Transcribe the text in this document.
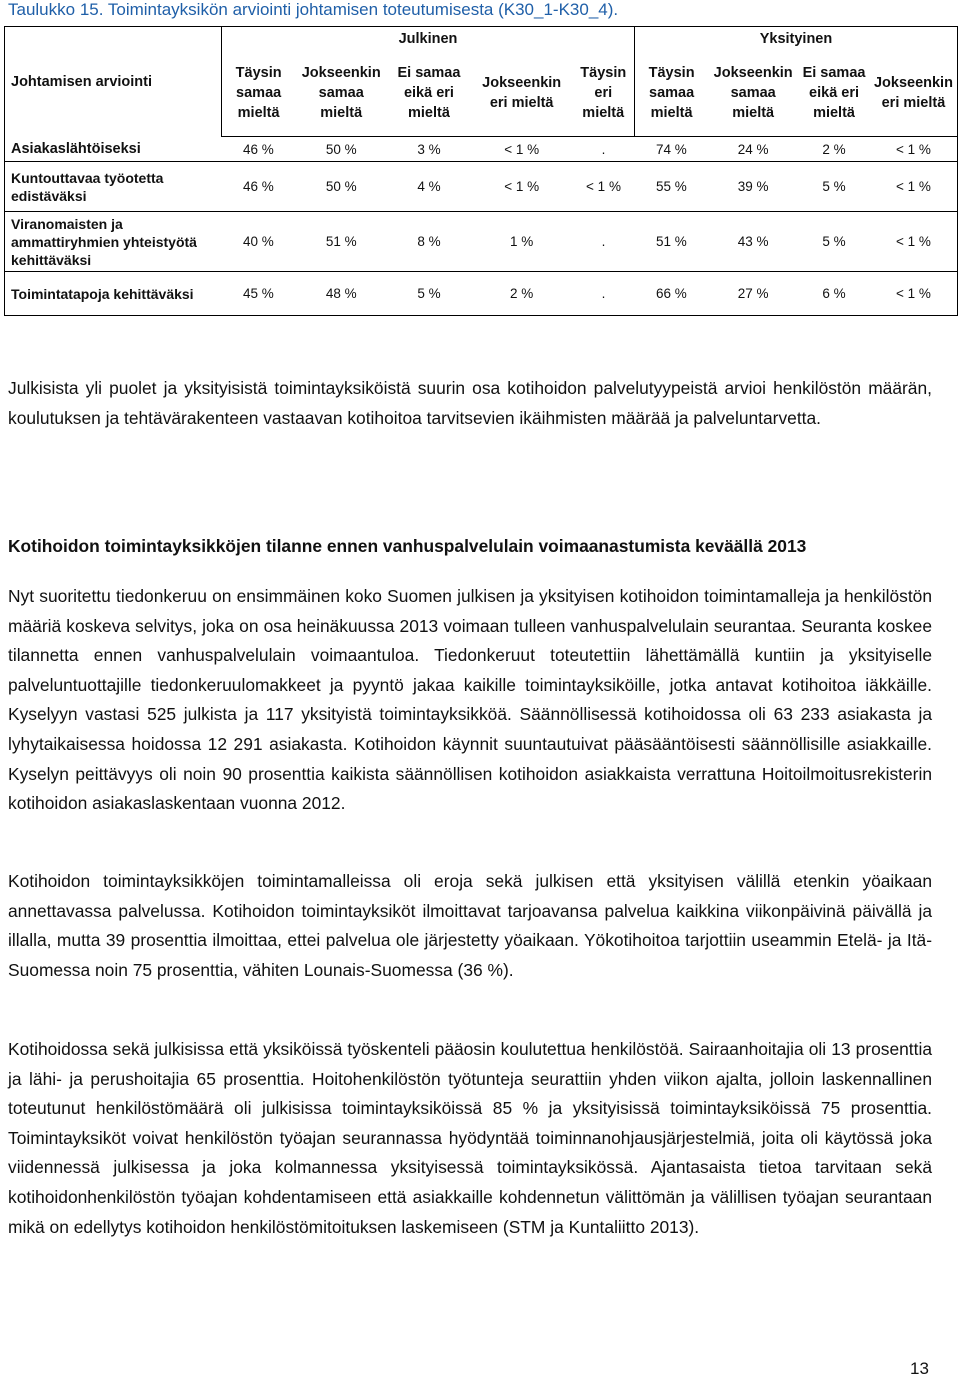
Taulukko 15. Toimintayksikön arviointi johtamisen toteutumisesta (K30_1-K30_4).
Johtamisen arviointi	Julkinen					Yksityinen			
	Täysin samaa mieltä	Jokseenkin samaa mieltä	Ei samaa eikä eri mieltä	Jokseenkin eri mieltä	Täysin eri mieltä	Täysin samaa mieltä	Jokseenkin samaa mieltä	Ei samaa eikä eri mieltä	Jokseenkin eri mieltä
Asiakaslähtöiseksi	46 %	50 %	3 %	< 1 %	.	74 %	24 %	2 %	< 1 %
Kuntouttavaa työotetta edistäväksi	46 %	50 %	4 %	< 1 %	< 1 %	55 %	39 %	5 %	< 1 %
Viranomaisten ja ammattiryhmien yhteistyötä kehittäväksi	40 %	51 %	8 %	1 %	.	51 %	43 %	5 %	< 1 %
Toimintatapoja kehittäväksi	45 %	48 %	5 %	2 %	.	66 %	27 %	6 %	< 1 %
Julkisista yli puolet ja yksityisistä toimintayksiköistä suurin osa kotihoidon palvelutyypeistä arvioi henkilöstön määrän, koulutuksen ja tehtävärakenteen vastaavan kotihoitoa tarvitsevien ikäihmisten määrää ja palveluntarvetta.
Kotihoidon toimintayksikköjen tilanne ennen vanhuspalvelulain voimaanastumista keväällä 2013
Nyt suoritettu tiedonkeruu on ensimmäinen koko Suomen julkisen ja yksityisen kotihoidon toimintamalleja ja henkilöstön määriä koskeva selvitys, joka on osa heinäkuussa 2013 voimaan tulleen vanhuspalvelulain seurantaa. Seuranta koskee tilannetta ennen vanhuspalvelulain voimaantuloa. Tiedonkeruut toteutettiin lähettämällä kuntiin ja yksityiselle palveluntuottajille tiedonkeruulomakkeet ja pyyntö jakaa kaikille toimintayksiköille, jotka antavat kotihoitoa iäkkäille. Kyselyyn vastasi 525 julkista ja 117 yksityistä toimintayksikköä. Säännöllisessä kotihoidossa oli 63 233 asiakasta ja lyhytaikaisessa hoidossa 12 291 asiakasta. Kotihoidon käynnit suuntautuivat pääsääntöisesti säännöllisille asiakkaille. Kyselyn peittävyys oli noin 90 prosenttia kaikista säännöllisen kotihoidon asiakkaista verrattuna Hoitoilmoitusrekisterin kotihoidon asiakaslaskentaan vuonna 2012.
Kotihoidon toimintayksikköjen toimintamalleissa oli eroja sekä julkisen että yksityisen välillä etenkin yöaikaan annettavassa palvelussa. Kotihoidon toimintayksiköt ilmoittavat tarjoavansa palvelua kaikkina viikonpäivinä päivällä ja illalla, mutta 39 prosenttia ilmoittaa, ettei palvelua ole järjestetty yöaikaan. Yökotihoitoa tarjottiin useammin Etelä- ja Itä-Suomessa noin 75 prosenttia, vähiten Lounais-Suomessa (36 %).
Kotihoidossa sekä julkisissa että yksiköissä työskenteli pääosin koulutettua henkilöstöä. Sairaanhoitajia oli 13 prosenttia ja lähi- ja perushoitajia 65 prosenttia. Hoitohenkilöstön työtunteja seurattiin yhden viikon ajalta, jolloin laskennallinen toteutunut henkilöstömäärä oli julkisissa toimintayksiköissä 85 % ja yksityisissä toimintayksiköissä 75 prosenttia. Toimintayksiköt voivat henkilöstön työajan seurannassa hyödyntää toiminnanohjausjärjestelmiä, joita oli käytössä joka viidennessä julkisessa ja joka kolmannessa yksityisessä toimintayksikössä. Ajantasaista tietoa tarvitaan sekä kotihoidonhenkilöstön työajan kohdentamiseen että asiakkaille kohdennetun välittömän ja välillisen työajan seurantaan mikä on edellytys kotihoidon henkilöstömitoituksen laskemiseen (STM ja Kuntaliitto 2013).
13
